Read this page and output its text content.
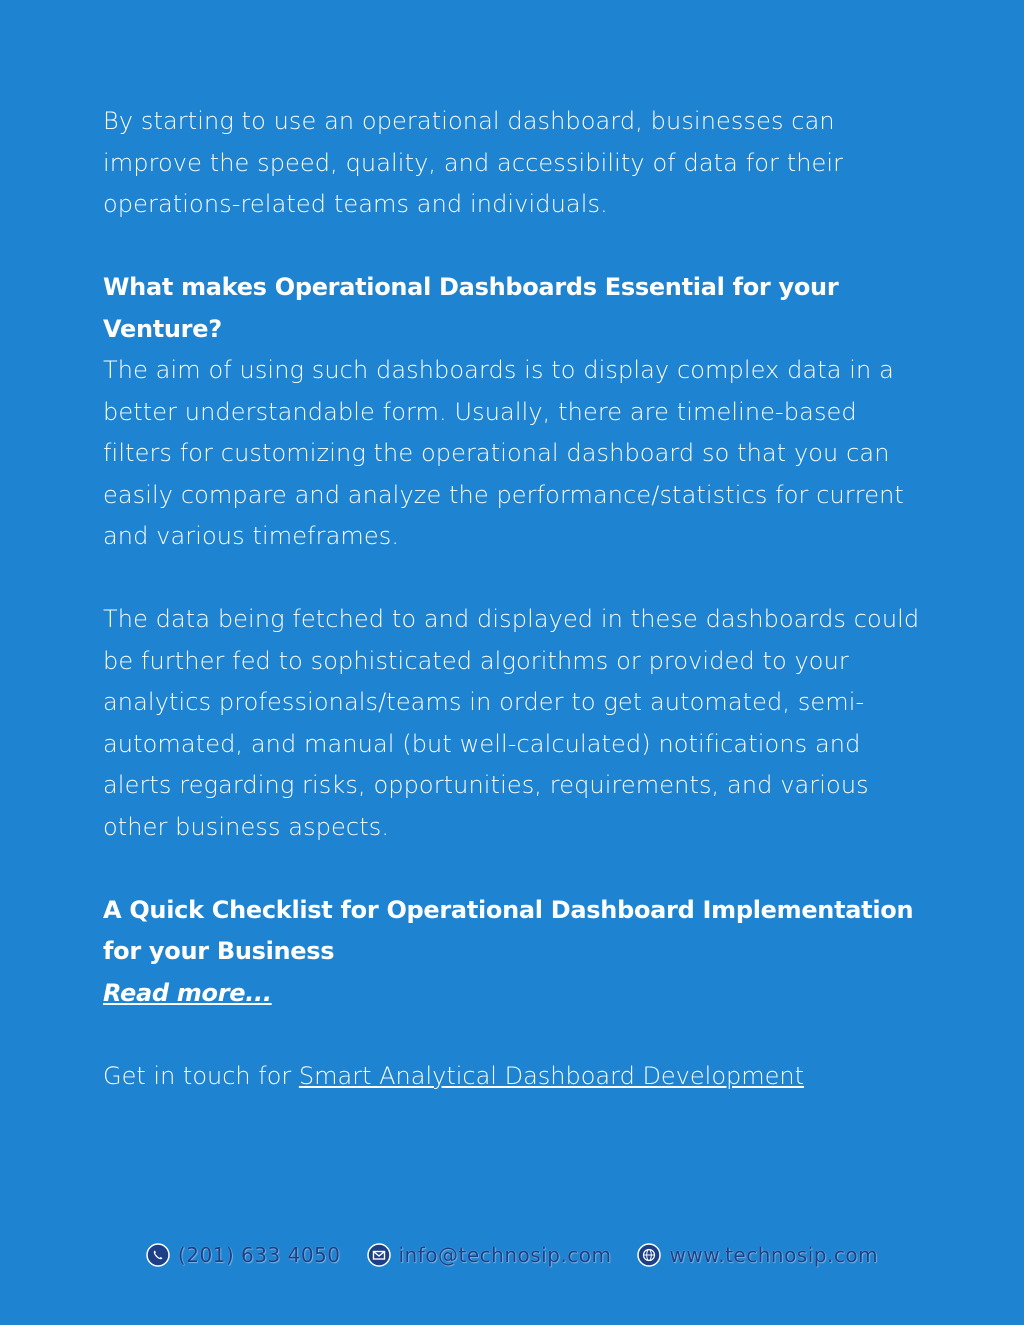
By starting to use an operational dashboard, businesses can improve the speed, quality, and accessibility of data for their operations-related teams and individuals.

What makes Operational Dashboards Essential for your Venture?

The aim of using such dashboards is to display complex data in a better understandable form. Usually, there are timeline-based filters for customizing the operational dashboard so that you can easily compare and analyze the performance/statistics for current and various timeframes.

The data being fetched to and displayed in these dashboards could be further fed to sophisticated algorithms or provided to your analytics professionals/teams in order to get automated, semi-automated, and manual (but well-calculated) notifications and alerts regarding risks, opportunities, requirements, and various other business aspects.

A Quick Checklist for Operational Dashboard Implementation for your Business

Read more...

Get in touch for Smart Analytical Dashboard Development

(201) 633 4050	info@technosip.com	www.technosip.com
